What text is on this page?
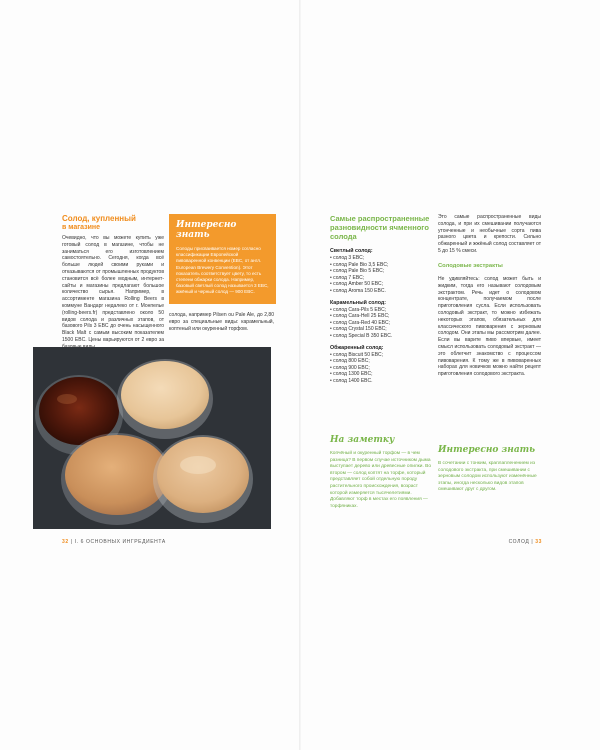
Солод, купленный
в магазине

Очевидно, что вы можете купить уже готовый солод в магазине, чтобы не заниматься его изготовлением самостоятельно. Сегодня, когда всё больше людей своими руками и отказываются от промышленных продуктов становится всё более модным, интернет-сайты и магазины предлагают большое количество сырья. Например, в ассортименте магазина Rolling Beers в коммуне Вандарг недалеко от г. Монпелье (rolling-beers.fr) представлено около 50 видов солода и различных этапов, от базового Pils 3 EBC до очень насыщенного Black Malt с самым высоким показателем 1500 EBC. Цены варьируются от 2 евро за

Интересно знать
Солоды присваивается номер согласно классификации Европейской пивоваренной конвенции (EBC, от англ. European Brewery Convention). Этот показатель соответствует цвету, то есть степени обжарки солода. Например, базовый светлый солод называется 3 EBC, жжёный и черный солод — 900 EBC.

солода, например Pilsen ou Pale Ale, до 2,80 евро за специальные виды: карамельный, коптеный или окуренный торфом.

32 | I. 6 ОСНОВНЫХ ИНГРЕДИЕНТА
Самые распространенные
разновидности ячменного
солода

Светлый солод:

• солод 3 EBC;

• солод Pale Bio 3,5 EBC;

• солод Pale Bio 5 EBC;

• солод 7 EBC;

• солод Amber 50 EBC;

• солод Aroma 150 EBC.

Карамельный солод:

• солод Cara-Pils 5 EBC;

• солод Cara-Hell 25 EBC;

• солод Cara-Red 40 EBC;

• солод Crystal 150 EBC;

• солод Special B 350 EBC.

Обжаренный солод:

• солод Biscuit 50 EBC;

• солод 800 EBC;

• солод 900 EBC;

• солод 1300 EBC;

• солод 1400 EBC.

На заметку
Копчёный и окуренный торфом — в чем разница? В первом случае источником дыма выступает дерево или древесные опилки. Во втором — солод коптят на торфе, который представляет собой отдельную породу растительного происхождения, возраст которой измеряется тысячелетиями. Добавляют торф в местах его появления — торфяниках.

Это самые распространенные виды солода, и при их смешивании получаются утонченные и необычные сорта пива разного цвета и крепости. Сильно обжаренный и жжёный солод составляет от 5 до 15 % смеси.

Солодовые экстракты
Не удивляйтесь: солод может быть и жидким, тогда его называют солодовым экстрактом. Речь идет о солодовом концентрате, получаемом после приготовления сусла. Если использовать солодовый экстракт, то можно избежать некоторых этапов, обязательных для классического пивоварения с зерновым солодом. Они этапы мы рассмотрим далее. Если вы варите пиво впервые, имеет смысл использовать солодовый экстракт — это облегчит знакомство с процессом пивоварения. К тому же в пивоваренных наборах для новичков можно найти рецепт приготовления солодового экстракта.
Интересно знать
В сочетании с тонким, краплапленением из солодового экстракта, при смешивании с зерновым солодом используют изменённые этапы, иногда несколько видов этапов смешивают друг с другом.
СОЛОД | 33
